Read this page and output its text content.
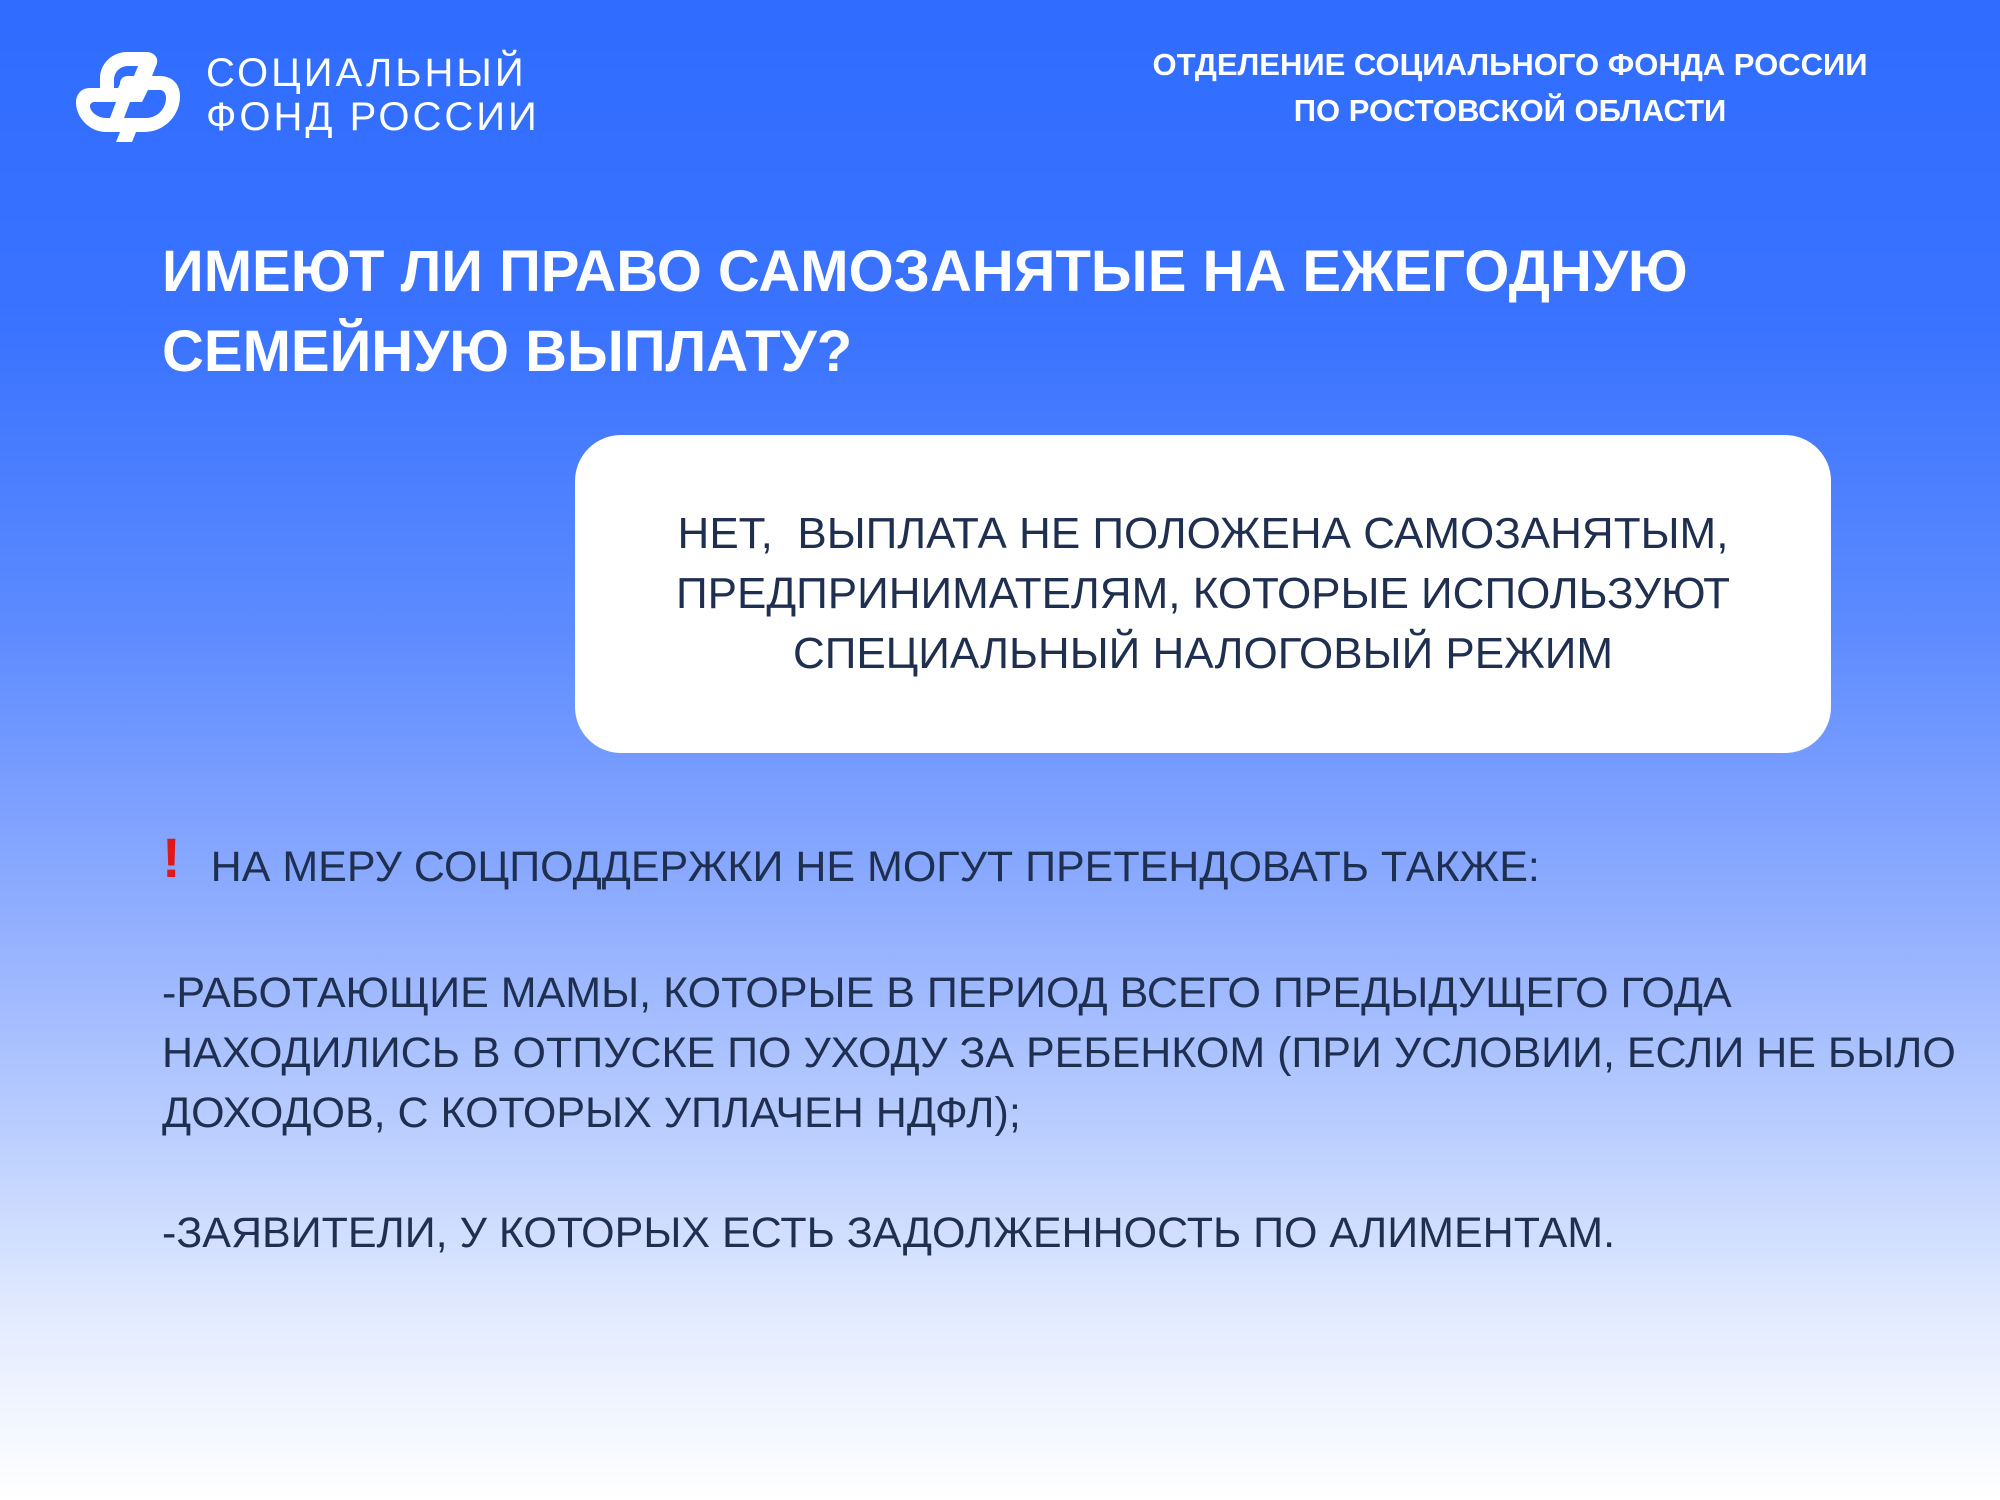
СОЦИАЛЬНЫЙ
ФОНД РОССИИ
ОТДЕЛЕНИЕ СОЦИАЛЬНОГО ФОНДА РОССИИ
ПО РОСТОВСКОЙ ОБЛАСТИ
ИМЕЮТ ЛИ ПРАВО САМОЗАНЯТЫЕ НА ЕЖЕГОДНУЮ
СЕМЕЙНУЮ ВЫПЛАТУ?
НЕТ,  ВЫПЛАТА НЕ ПОЛОЖЕНА САМОЗАНЯТЫМ,
ПРЕДПРИНИМАТЕЛЯМ, КОТОРЫЕ ИСПОЛЬЗУЮТ
СПЕЦИАЛЬНЫЙ НАЛОГОВЫЙ РЕЖИМ
! НА МЕРУ СОЦПОДДЕРЖКИ НЕ МОГУТ ПРЕТЕНДОВАТЬ ТАКЖЕ:
-РАБОТАЮЩИЕ МАМЫ, КОТОРЫЕ В ПЕРИОД ВСЕГО ПРЕДЫДУЩЕГО ГОДА
НАХОДИЛИСЬ В ОТПУСКЕ ПО УХОДУ ЗА РЕБЕНКОМ (ПРИ УСЛОВИИ, ЕСЛИ НЕ БЫЛО
ДОХОДОВ, С КОТОРЫХ УПЛАЧЕН НДФЛ);
-ЗАЯВИТЕЛИ, У КОТОРЫХ ЕСТЬ ЗАДОЛЖЕННОСТЬ ПО АЛИМЕНТАМ.
